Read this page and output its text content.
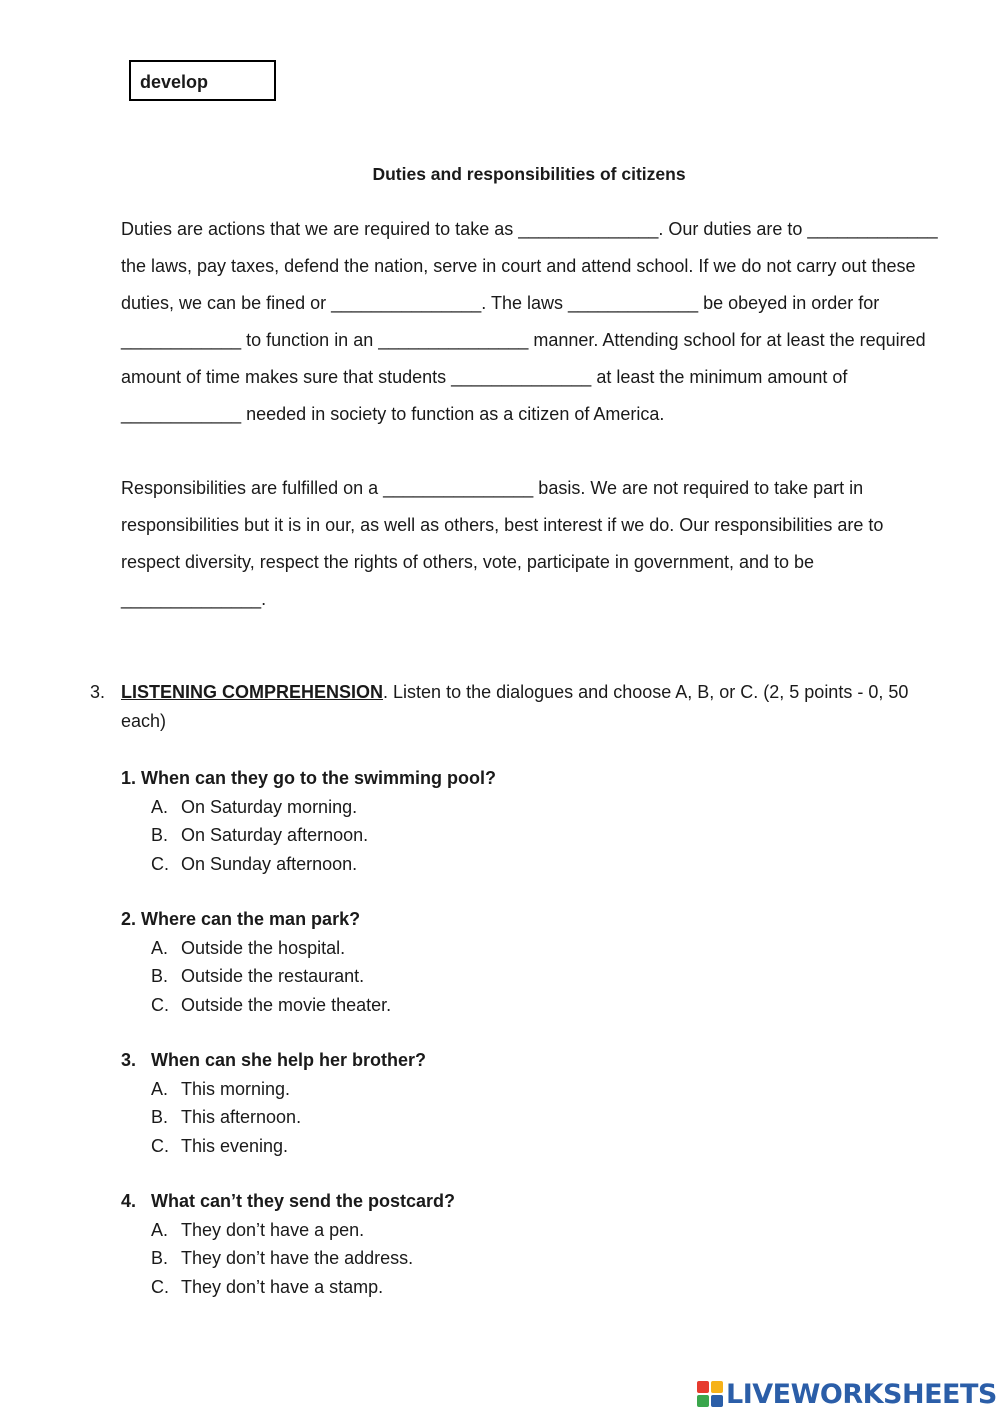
develop
Duties and responsibilities of citizens
Duties are actions that we are required to take as ______________. Our duties are to _____________
the laws, pay taxes, defend the nation, serve in court and attend school. If we do not carry out these
duties, we can be fined or _______________. The laws _____________ be obeyed in order for
____________ to function in an _______________ manner. Attending school for at least the required
amount of time makes sure that students ______________ at least the minimum amount of
____________ needed in society to function as a citizen of America.
Responsibilities are fulfilled on a _______________ basis. We are not required to take part in
responsibilities but it is in our, as well as others, best interest if we do. Our responsibilities are to
respect diversity, respect the rights of others, vote, participate in government, and to be
______________.
3. LISTENING COMPREHENSION. Listen to the dialogues and choose A, B, or C. (2, 5 points - 0, 50 each)
1. When can they go to the swimming pool?
A. On Saturday morning.
B. On Saturday afternoon.
C. On Sunday afternoon.
2. Where can the man park?
A. Outside the hospital.
B. Outside the restaurant.
C. Outside the movie theater.
3. When can she help her brother?
A. This morning.
B. This afternoon.
C. This evening.
4. What can’t they send the postcard?
A. They don’t have a pen.
B. They don’t have the address.
C. They don’t have a stamp.
LIVEWORKSHEETS
